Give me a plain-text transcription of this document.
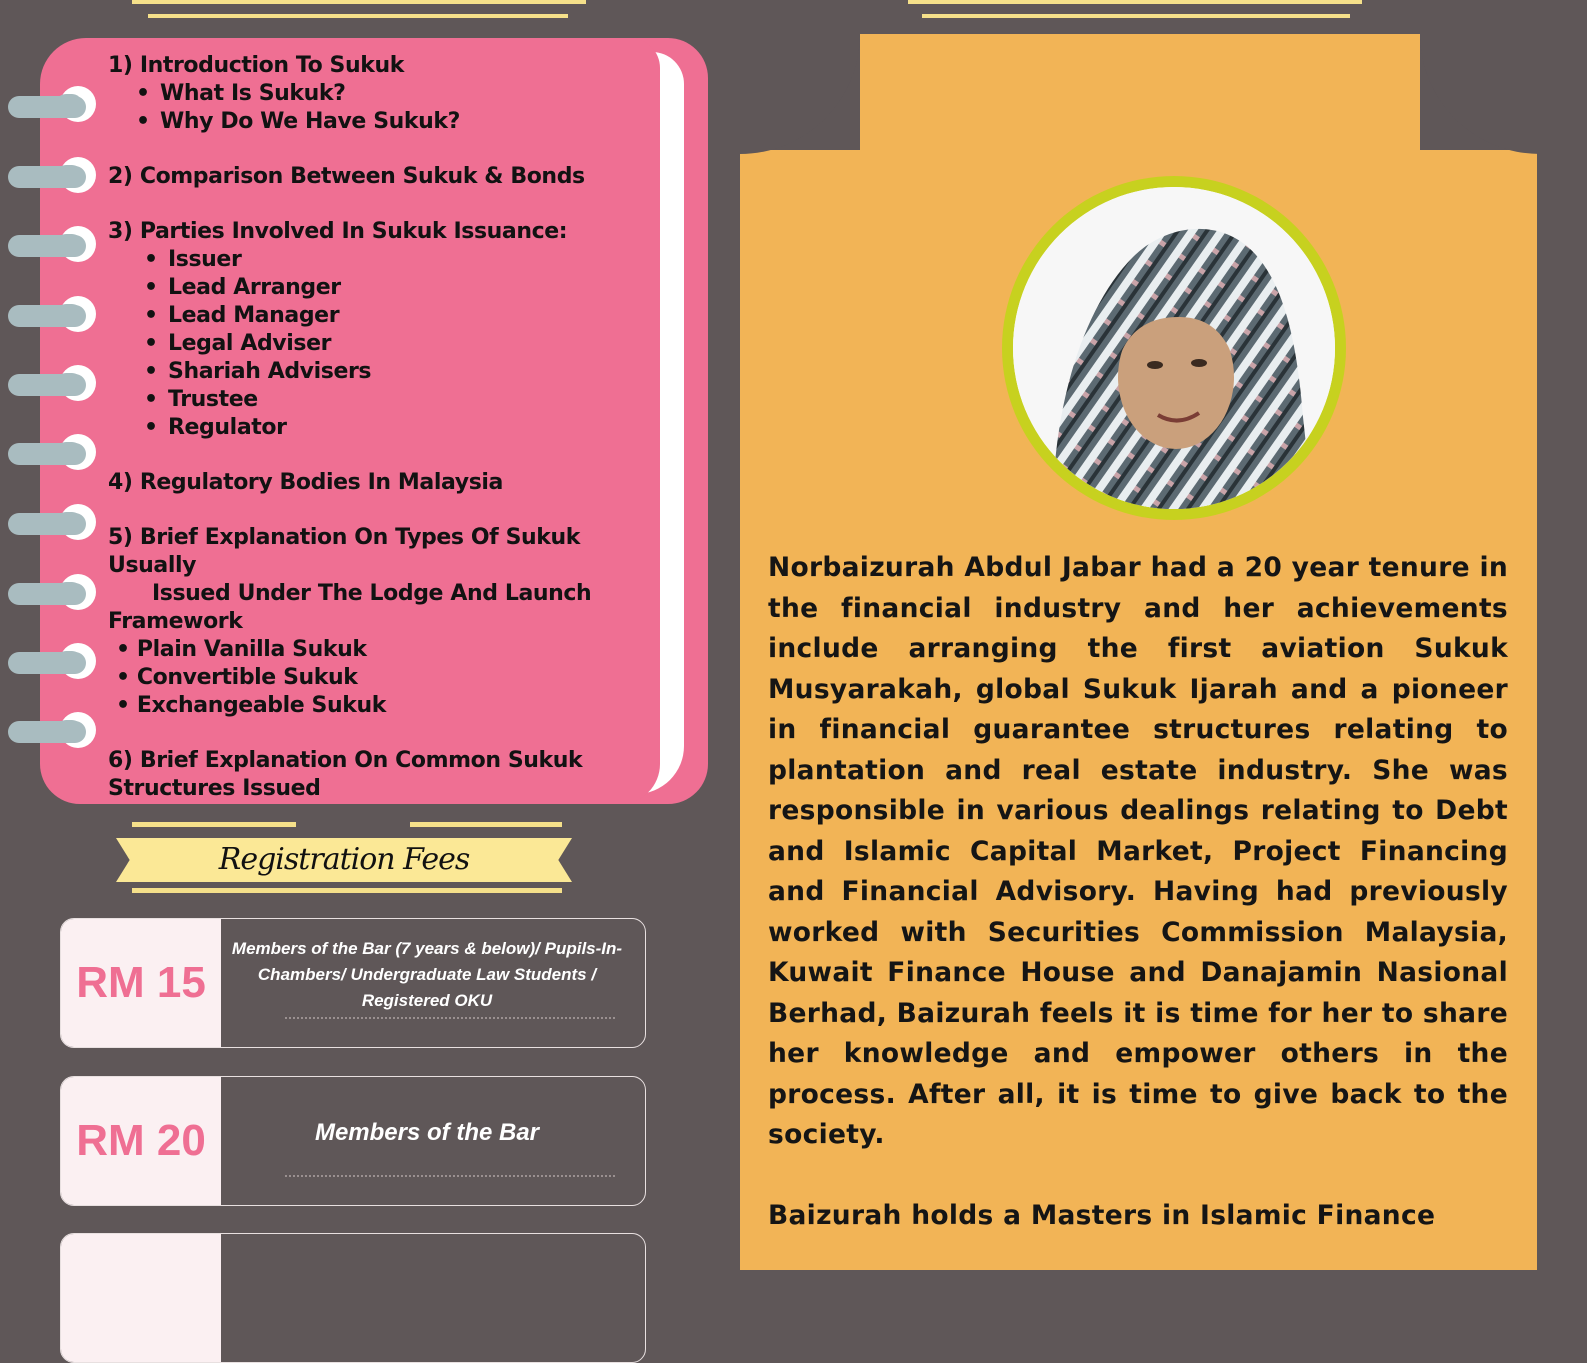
1) Introduction To Sukuk
• What Is Sukuk?
• Why Do We Have Sukuk?
2) Comparison Between Sukuk & Bonds
3) Parties Involved In Sukuk Issuance:
• Issuer
• Lead Arranger
• Lead Manager
• Legal Adviser
• Shariah Advisers
• Trustee
• Regulator
4) Regulatory Bodies In Malaysia
5) Brief Explanation On Types Of Sukuk Usually
Issued Under The Lodge And Launch
Framework
• Plain Vanilla Sukuk
• Convertible Sukuk
• Exchangeable Sukuk
6) Brief Explanation On Common Sukuk
Structures Issued
Registration Fees
RM 15
Members of the Bar (7 years & below)/ Pupils-In-Chambers/ Undergraduate Law Students / Registered OKU
RM 20	Members of the Bar

Norbaizurah Abdul Jabar had a 20 year tenure in the financial industry and her achievements include arranging the first aviation Sukuk Musyarakah, global Sukuk Ijarah and a pioneer in financial guarantee structures relating to plantation and real estate industry. She was responsible in various dealings relating to Debt and Islamic Capital Market, Project Financing and Financial Advisory. Having had previously worked with Securities Commission Malaysia, Kuwait Finance House and Danajamin Nasional Berhad, Baizurah feels it is time for her to share her knowledge and empower others in the process. After all, it is time to give back to the society.

Baizurah holds a Masters in Islamic Finance
